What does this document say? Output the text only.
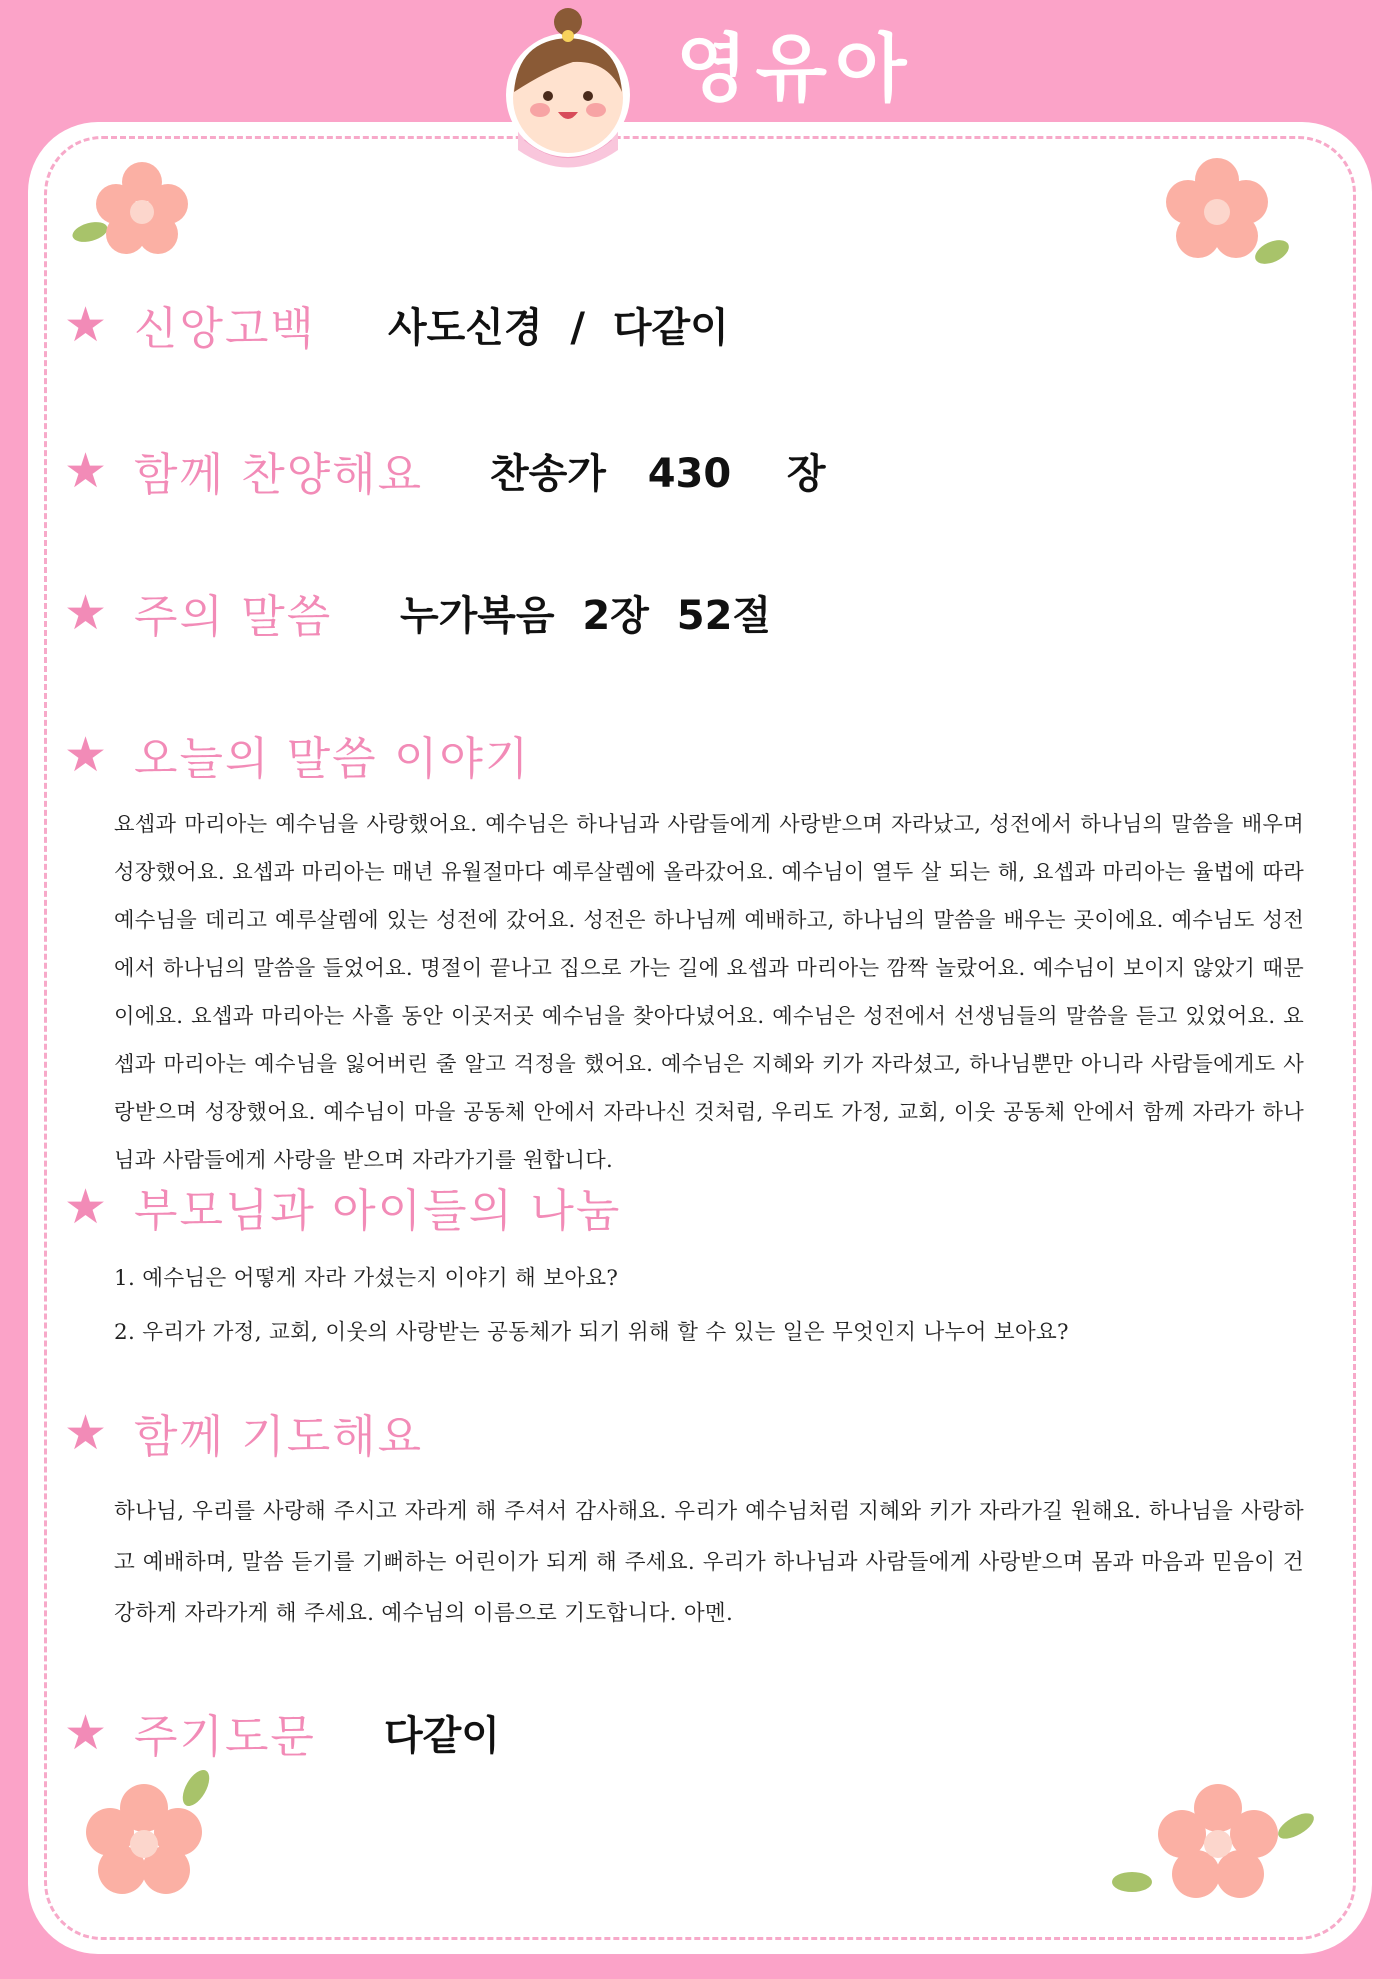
영유아
★ 신앙고백	사도신경  /  다같이
★ 함께 찬양해요	찬송가   430    장
★ 주의 말씀	누가복음  2장  52절
★ 오늘의 말씀 이야기
요셉과 마리아는 예수님을 사랑했어요. 예수님은 하나님과 사람들에게 사랑받으며 자라났고, 성전에서 하나님의 말씀을 배우며 성장했어요. 요셉과 마리아는 매년 유월절마다 예루살렘에 올라갔어요. 예수님이 열두 살 되는 해, 요셉과 마리아는 율법에 따라 예수님을 데리고 예루살렘에 있는 성전에 갔어요. 성전은 하나님께 예배하고, 하나님의 말씀을 배우는 곳이에요. 예수님도 성전에서 하나님의 말씀을 들었어요. 명절이 끝나고 집으로 가는 길에 요셉과 마리아는 깜짝 놀랐어요. 예수님이 보이지 않았기 때문이에요. 요셉과 마리아는 사흘 동안 이곳저곳 예수님을 찾아다녔어요. 예수님은 성전에서 선생님들의 말씀을 듣고 있었어요. 요셉과 마리아는 예수님을 잃어버린 줄 알고 걱정을 했어요. 예수님은 지혜와 키가 자라셨고, 하나님뿐만 아니라 사람들에게도 사랑받으며 성장했어요. 예수님이 마을 공동체 안에서 자라나신 것처럼, 우리도 가정, 교회, 이웃 공동체 안에서 함께 자라가 하나님과 사람들에게 사랑을 받으며 자라가기를 원합니다.
★ 부모님과 아이들의 나눔
1. 예수님은 어떻게 자라 가셨는지 이야기 해 보아요?
2. 우리가 가정, 교회, 이웃의 사랑받는 공동체가 되기 위해 할 수 있는 일은 무엇인지 나누어 보아요?
★ 함께 기도해요
하나님, 우리를 사랑해 주시고 자라게 해 주셔서 감사해요. 우리가 예수님처럼 지혜와 키가 자라가길 원해요. 하나님을 사랑하고 예배하며, 말씀 듣기를 기뻐하는 어린이가 되게 해 주세요. 우리가 하나님과 사람들에게 사랑받으며 몸과 마음과 믿음이 건강하게 자라가게 해 주세요. 예수님의 이름으로 기도합니다. 아멘.
★ 주기도문	다같이
